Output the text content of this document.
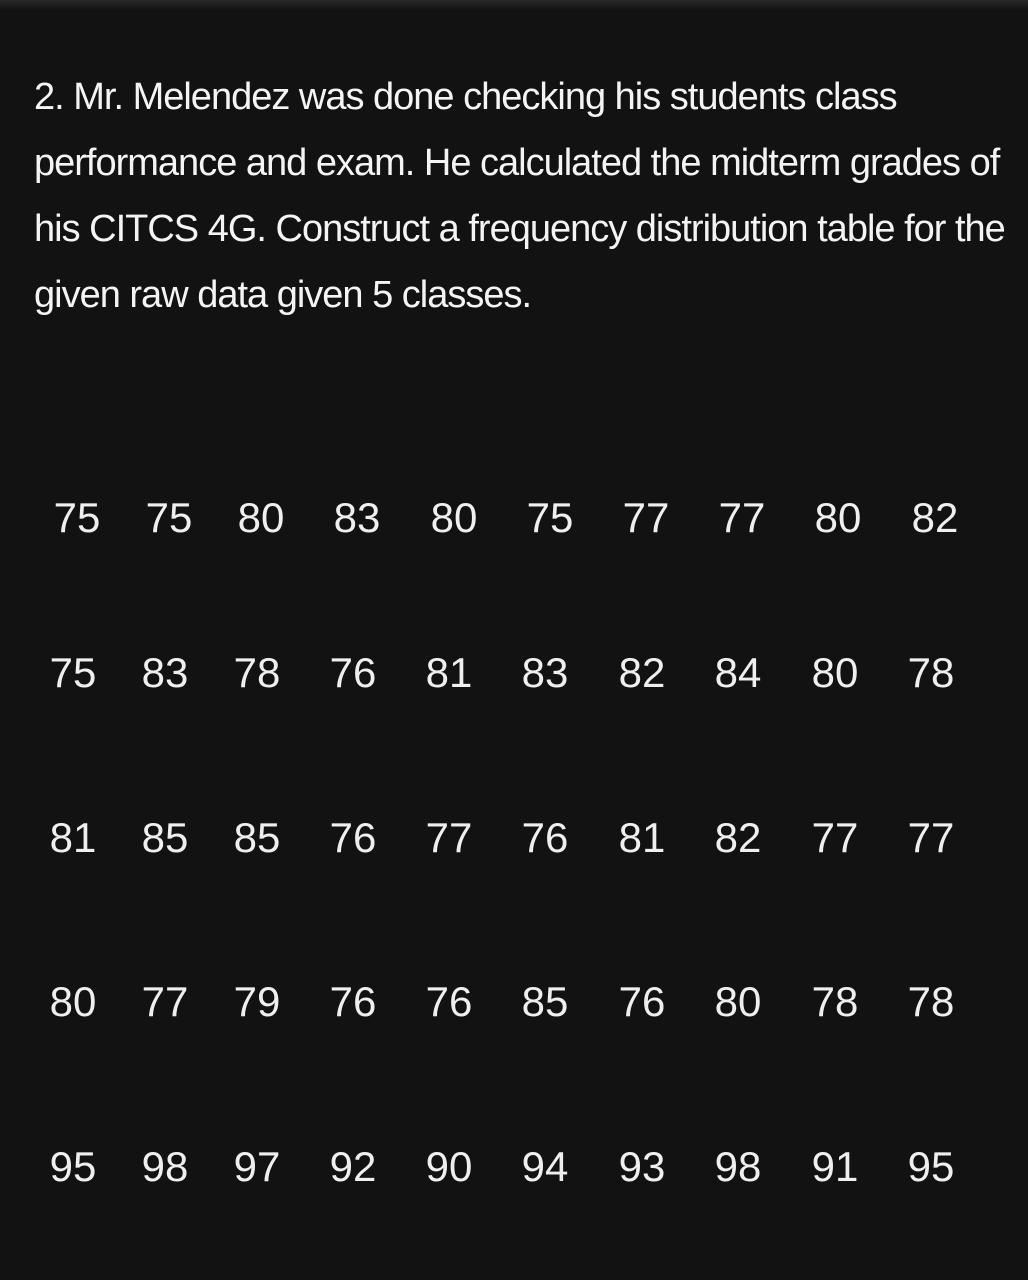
2. Mr. Melendez was done checking his students class performance and exam. He calculated the midterm grades of his CITCS 4G. Construct a frequency distribution table for the given raw data given 5 classes.

75	75	80	83	80	75	77	77	80	82
75	83	78	76	81	83	82	84	80	78
81	85	85	76	77	76	81	82	77	77
80	77	79	76	76	85	76	80	78	78
95	98	97	92	90	94	93	98	91	95
